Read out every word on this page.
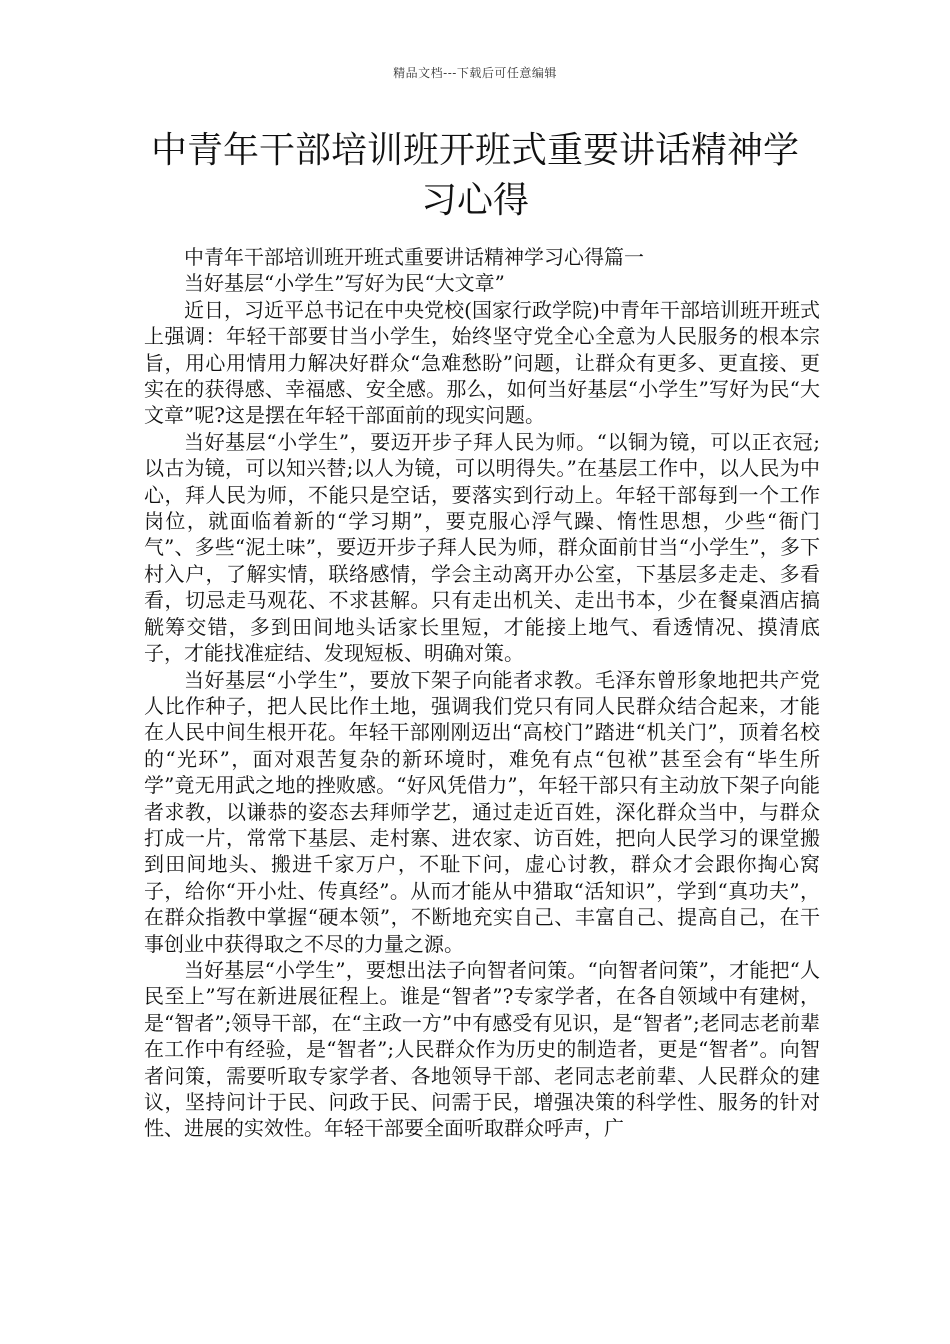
精品文档---下载后可任意编辑
中青年干部培训班开班式重要讲话精神学习心得

中青年干部培训班开班式重要讲话精神学习心得篇一

当好基层“小学生”写好为民“大文章”

近日，习近平总书记在中央党校(国家行政学院)中青年干部培训班开班式上强调：年轻干部要甘当小学生，始终坚守党全心全意为人民服务的根本宗旨，用心用情用力解决好群众“急难愁盼”问题，让群众有更多、更直接、更实在的获得感、幸福感、安全感。那么，如何当好基层“小学生”写好为民“大文章”呢?这是摆在年轻干部面前的现实问题。

当好基层“小学生”，要迈开步子拜人民为师。“以铜为镜，可以正衣冠;以古为镜，可以知兴替;以人为镜，可以明得失。”在基层工作中，以人民为中心，拜人民为师，不能只是空话，要落实到行动上。年轻干部每到一个工作岗位，就面临着新的“学习期”，要克服心浮气躁、惰性思想，少些“衙门气”、多些“泥土味”，要迈开步子拜人民为师，群众面前甘当“小学生”，多下村入户，了解实情，联络感情，学会主动离开办公室，下基层多走走、多看看，切忌走马观花、不求甚解。只有走出机关、走出书本，少在餐桌酒店搞觥筹交错，多到田间地头话家长里短，才能接上地气、看透情况、摸清底子，才能找准症结、发现短板、明确对策。

当好基层“小学生”，要放下架子向能者求教。毛泽东曾形象地把共产党人比作种子，把人民比作土地，强调我们党只有同人民群众结合起来，才能在人民中间生根开花。年轻干部刚刚迈出“高校门”踏进“机关门”，顶着名校的“光环”，面对艰苦复杂的新环境时，难免有点“包袱”甚至会有“毕生所学”竟无用武之地的挫败感。“好风凭借力”，年轻干部只有主动放下架子向能者求教，以谦恭的姿态去拜师学艺，通过走近百姓，深化群众当中，与群众打成一片，常常下基层、走村寨、进农家、访百姓，把向人民学习的课堂搬到田间地头、搬进千家万户，不耻下问，虚心讨教，群众才会跟你掏心窝子，给你“开小灶、传真经”。从而才能从中猎取“活知识”，学到“真功夫”，在群众指教中掌握“硬本领”，不断地充实自己、丰富自己、提高自己，在干事创业中获得取之不尽的力量之源。

当好基层“小学生”，要想出法子向智者问策。“向智者问策”，才能把“人民至上”写在新进展征程上。谁是“智者”?专家学者，在各自领域中有建树，是“智者”;领导干部，在“主政一方”中有感受有见识，是“智者”;老同志老前辈在工作中有经验，是“智者”;人民群众作为历史的制造者，更是“智者”。向智者问策，需要听取专家学者、各地领导干部、老同志老前辈、人民群众的建议，坚持问计于民、问政于民、问需于民，增强决策的科学性、服务的针对性、进展的实效性。年轻干部要全面听取群众呼声，广
